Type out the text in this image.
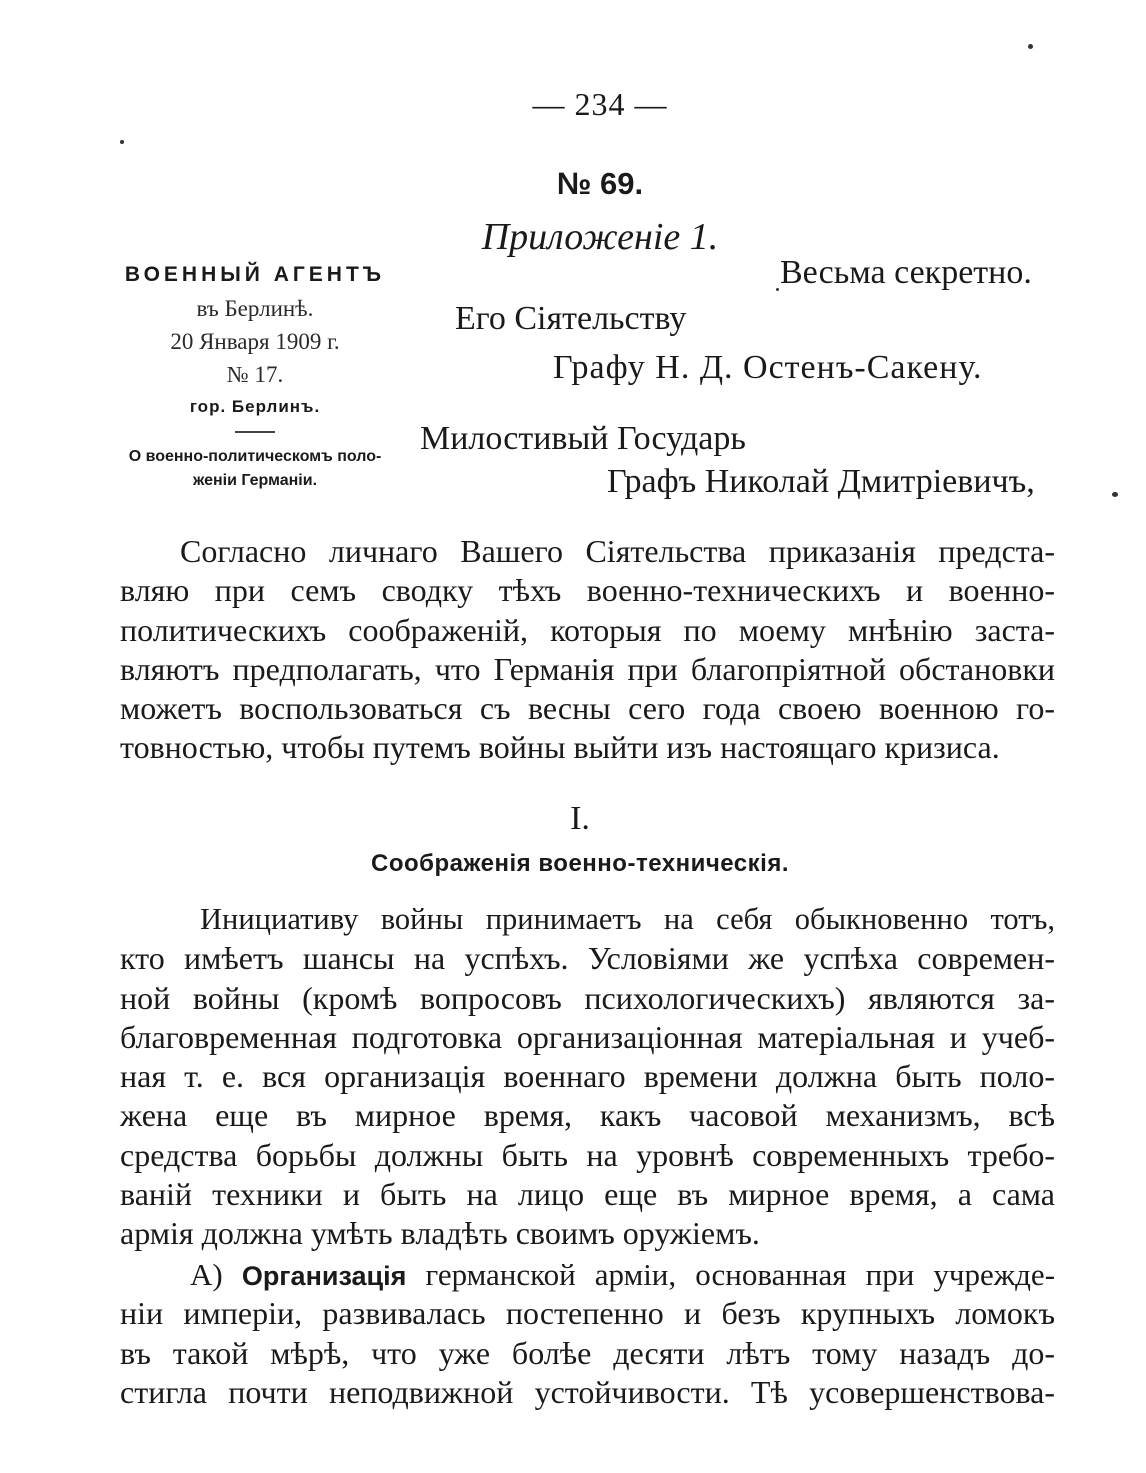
— 234 —
№ 69.
Приложеніе 1.
Весьма секретно.
ВОЕННЫЙ АГЕНТЪ
въ Берлинѣ.
20 Января 1909 г.
№ 17.
гор. Берлинъ.
О военно-политическомъ поло-
женіи Германіи.
Его Сіятельству
Графу Н. Д. Остенъ-Сакену.
Милостивый Государь
Графъ Николай Дмитріевичъ,
Согласно личнаго Вашего Сіятельства приказанія предста-
вляю при семъ сводку тѣхъ военно-техническихъ и военно-
политическихъ соображеній, которыя по моему мнѣнію заста-
вляютъ предполагать, что Германія при благопріятной обстановки
можетъ воспользоваться съ весны сего года своею военною го-
товностью, чтобы путемъ войны выйти изъ настоящаго кризиса.
I.
Соображенія военно-техническія.
Инициативу войны принимаетъ на себя обыкновенно тотъ,
кто имѣетъ шансы на успѣхъ. Условіями же успѣха современ-
ной войны (кромѣ вопросовъ психологическихъ) являются за-
благовременная подготовка организаціонная матеріальная и учеб-
ная т. е. вся организація военнаго времени должна быть поло-
жена еще въ мирное время, какъ часовой механизмъ, всѣ
средства борьбы должны быть на уровнѣ современныхъ требо-
ваній техники и быть на лицо еще въ мирное время, а сама
армія должна умѣть владѣть своимъ оружіемъ.
А) Организація германской арміи, основанная при учрежде-
ніи имперіи, развивалась постепенно и безъ крупныхъ ломокъ
въ такой мѣрѣ, что уже болѣе десяти лѣтъ тому назадъ до-
стигла почти неподвижной устойчивости. Тѣ усовершенствова-
